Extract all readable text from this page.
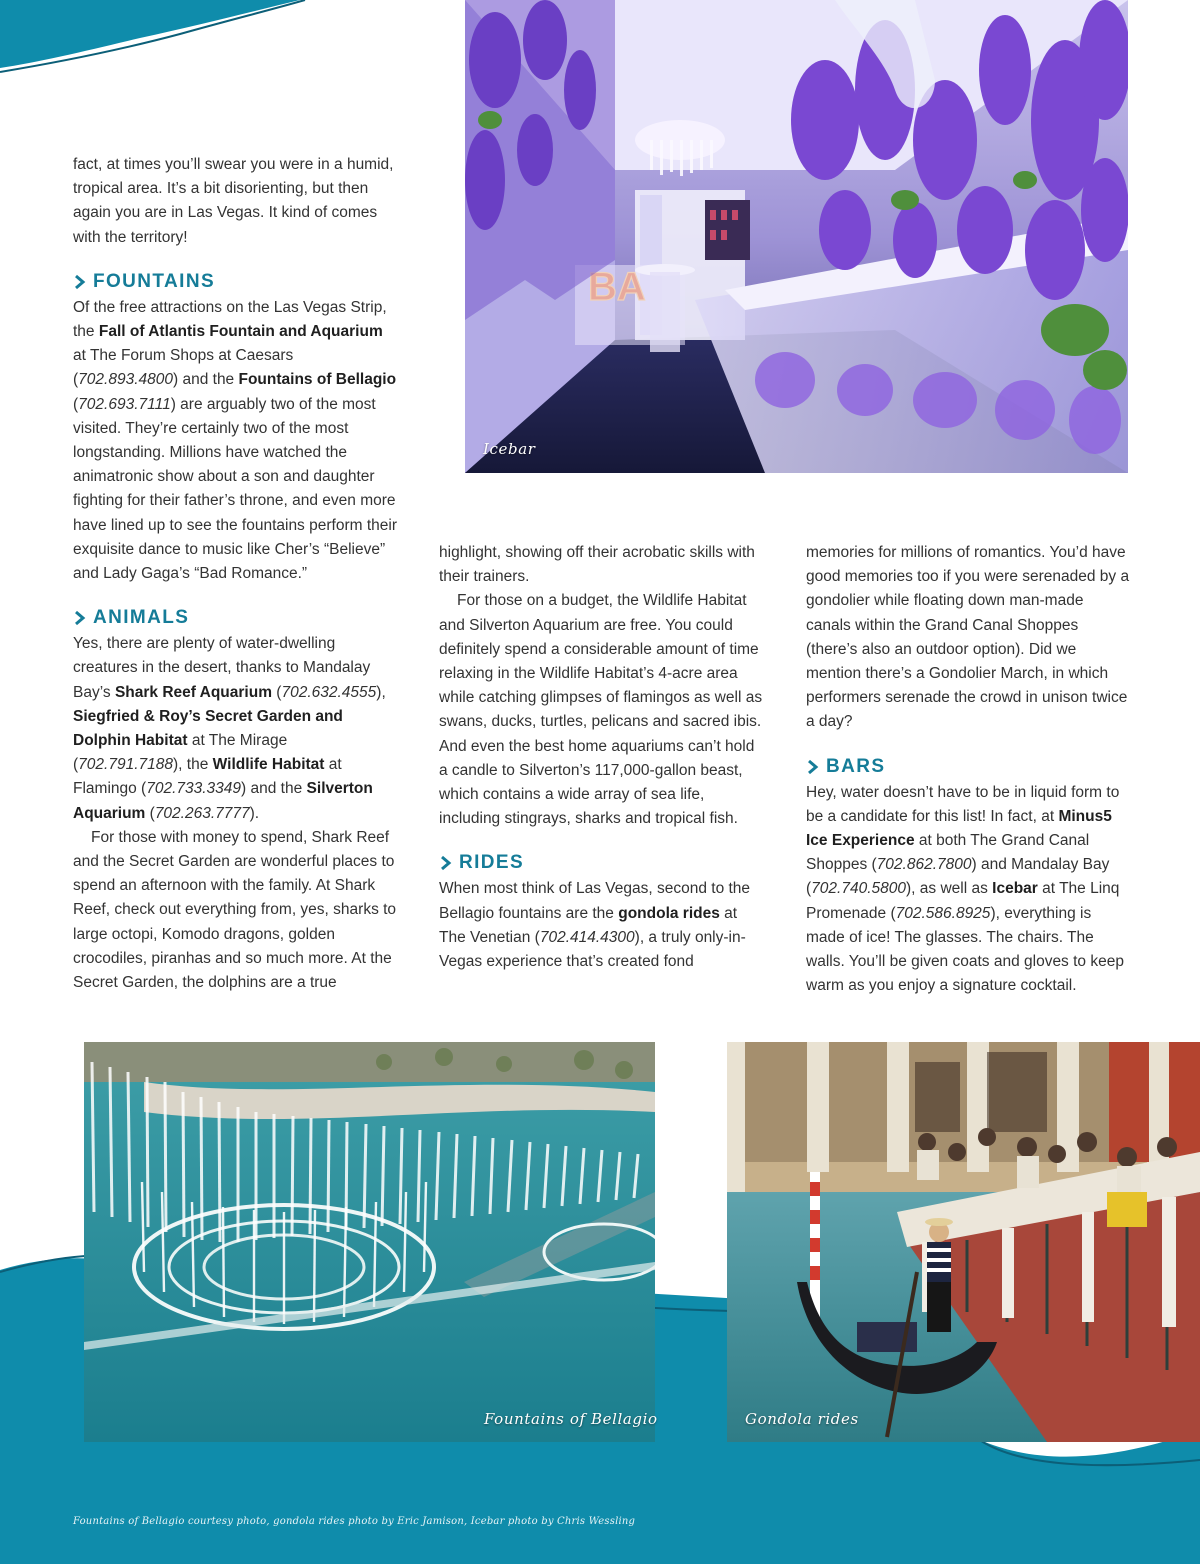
Icebar

fact, at times you’ll swear you were in a humid, tropical area. It’s a bit disorienting, but then again you are in Las Vegas. It kind of comes with the territory!

FOUNTAINS

Of the free attractions on the Las Vegas Strip, the Fall of Atlantis Fountain and Aquarium at The Forum Shops at Caesars (702.893.4800) and the Fountains of Bellagio (702.693.7111) are arguably two of the most visited. They’re certainly two of the most longstanding. Millions have watched the animatronic show about a son and daughter fighting for their father’s throne, and even more have lined up to see the fountains perform their exquisite dance to music like Cher’s “Believe” and Lady Gaga’s “Bad Romance.”

ANIMALS

Yes, there are plenty of water-dwelling creatures in the desert, thanks to Mandalay Bay’s Shark Reef Aquarium (702.632.4555), Siegfried & Roy’s Secret Garden and Dolphin Habitat at The Mirage (702.791.7188), the Wildlife Habitat at Flamingo (702.733.3349) and the Silverton Aquarium (702.263.7777).

For those with money to spend, Shark Reef and the Secret Garden are wonderful places to spend an afternoon with the family. At Shark Reef, check out everything from, yes, sharks to large octopi, Komodo dragons, golden crocodiles, piranhas and so much more. At the Secret Garden, the dolphins are a true

highlight, showing off their acrobatic skills with their trainers.

For those on a budget, the Wildlife Habitat and Silverton Aquarium are free. You could definitely spend a considerable amount of time relaxing in the Wildlife Habitat’s 4-acre area while catching glimpses of flamingos as well as swans, ducks, turtles, pelicans and sacred ibis. And even the best home aquariums can’t hold a candle to Silverton’s 117,000-gallon beast, which contains a wide array of sea life, including stingrays, sharks and tropical fish.

RIDES

When most think of Las Vegas, second to the Bellagio fountains are the gondola rides at The Venetian (702.414.4300), a truly only-in-Vegas experience that’s created fond

memories for millions of romantics. You’d have good memories too if you were serenaded by a gondolier while floating down man-made canals within the Grand Canal Shoppes (there’s also an outdoor option). Did we mention there’s a Gondolier March, in which performers serenade the crowd in unison twice a day?

BARS

Hey, water doesn’t have to be in liquid form to be a candidate for this list! In fact, at Minus5 Ice Experience at both The Grand Canal Shoppes (702.862.7800) and Mandalay Bay (702.740.5800), as well as Icebar at The Linq Promenade (702.586.8925), everything is made of ice! The glasses. The chairs. The walls. You’ll be given coats and gloves to keep warm as you enjoy a signature cocktail.

Fountains of Bellagio	Gondola rides
Fountains of Bellagio courtesy photo, gondola rides photo by Eric Jamison, Icebar photo by Chris Wessling
